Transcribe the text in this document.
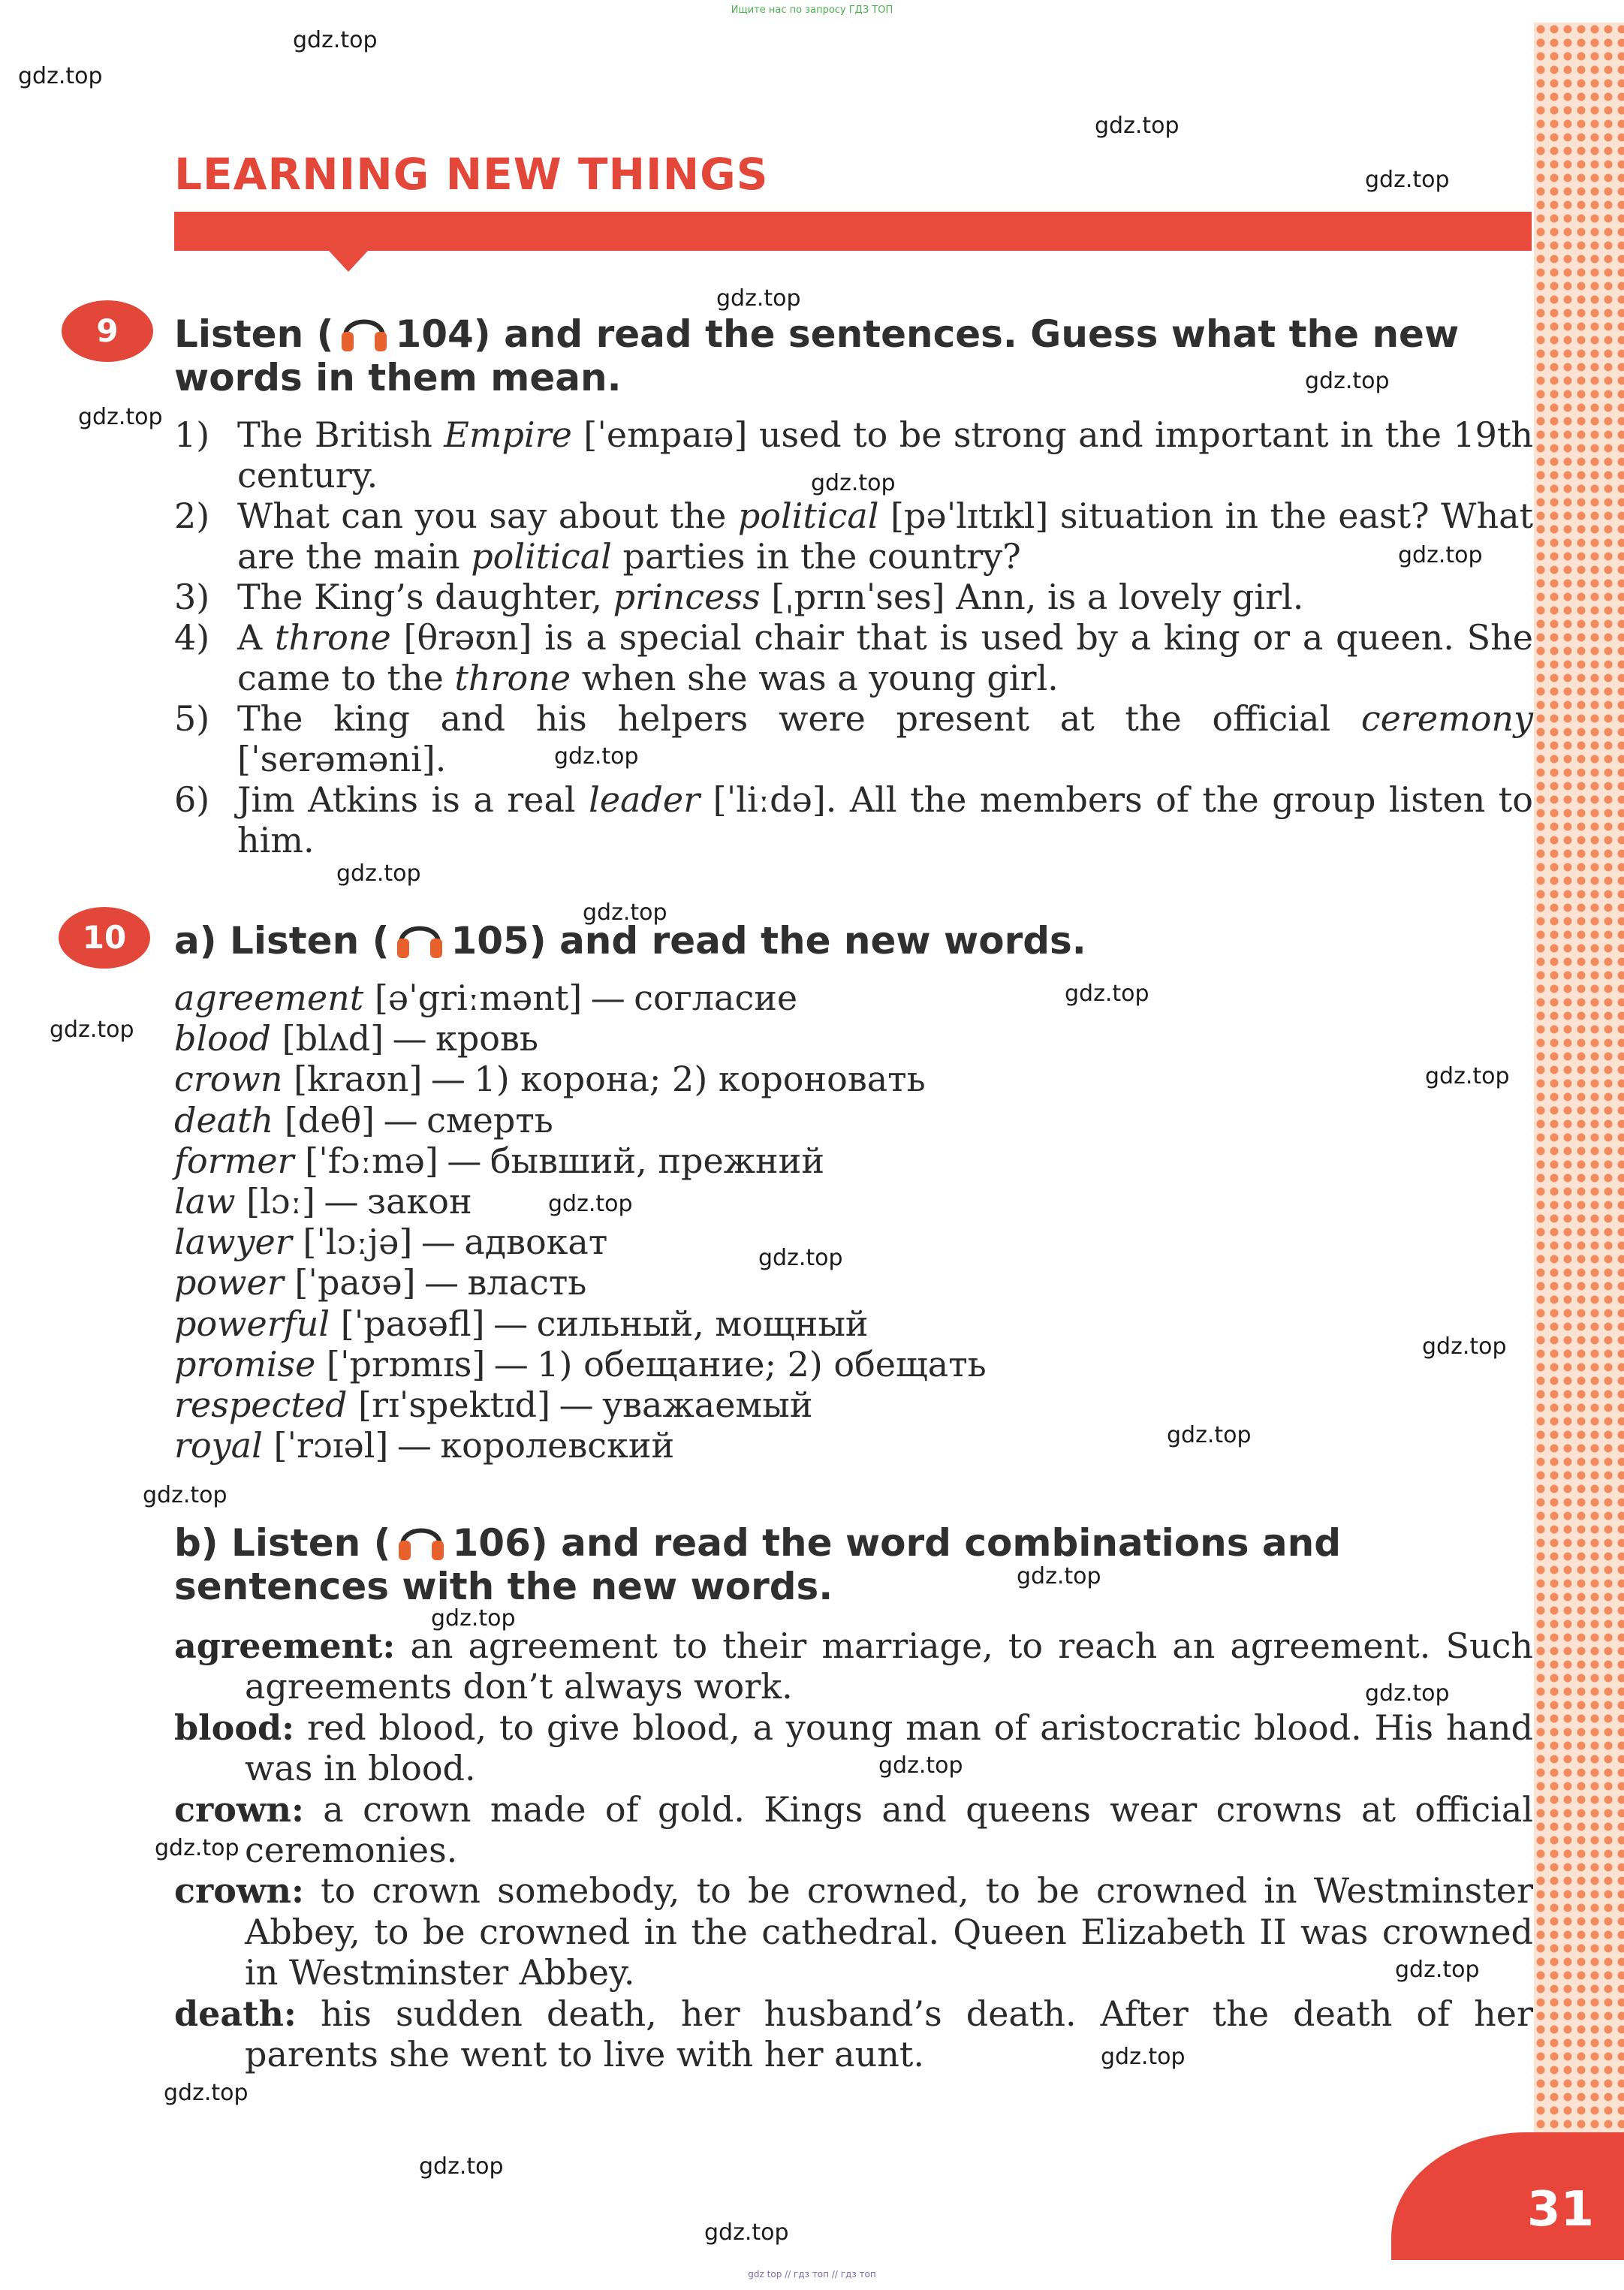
Ищите нас по запросу ГДЗ ТОП
31
LEARNING NEW THINGS
9	Listen ( 104) and read the sentences. Guess what the new words in them mean.
1) The British Empire [ˈempaɪə] used to be strong and important in the 19th century.
2) What can you say about the political [pəˈlɪtɪkl] situation in the east? What are the main political parties in the country?
3) The King’s daughter, princess [ˌprɪnˈses] Ann, is a lovely girl.
4) A throne [θrəʊn] is a special chair that is used by a king or a queen. She came to the throne when she was a young girl.
5) The king and his helpers were present at the official ceremony [ˈserəməni].
6) Jim Atkins is a real leader [ˈliːdə]. All the members of the group listen to him.
10	a) Listen ( 105) and read the new words.
agreement [əˈgriːmənt] — согласие
blood [blʌd] — кровь
crown [kraʊn] — 1) корона; 2) короновать
death [deθ] — смерть
former [ˈfɔːmə] — бывший, прежний
law [lɔː] — закон
lawyer [ˈlɔːjə] — адвокат
power [ˈpaʊə] — власть
powerful [ˈpaʊəfl] — сильный, мощный
promise [ˈprɒmɪs] — 1) обещание; 2) обещать
respected [rɪˈspektɪd] — уважаемый
royal [ˈrɔɪəl] — королевский
b) Listen ( 106) and read the word combinations and sentences with the new words.
agreement: an agreement to their marriage, to reach an agreement. Such agreements don’t always work.
blood: red blood, to give blood, a young man of aristocratic blood. His hand was in blood.
crown: a crown made of gold. Kings and queens wear crowns at official ceremonies.
crown: to crown somebody, to be crowned, to be crowned in Westminster Abbey, to be crowned in the cathedral. Queen Elizabeth II was crowned in Westminster Abbey.
death: his sudden death, her husband’s death. After the death of her parents she went to live with her aunt.
gdz.top
gdz.top
gdz.top
gdz.top
gdz.top
gdz.top
gdz.top
gdz.top
gdz.top
gdz.top
gdz.top
gdz.top
gdz.top
gdz.top
gdz.top
gdz.top
gdz.top
gdz.top
gdz.top
gdz.top
gdz.top
gdz.top
gdz.top
gdz.top
gdz.top
gdz.top
gdz.top
gdz.top
gdz.top
gdz.top
gdz top // гдз топ // гдз топ
